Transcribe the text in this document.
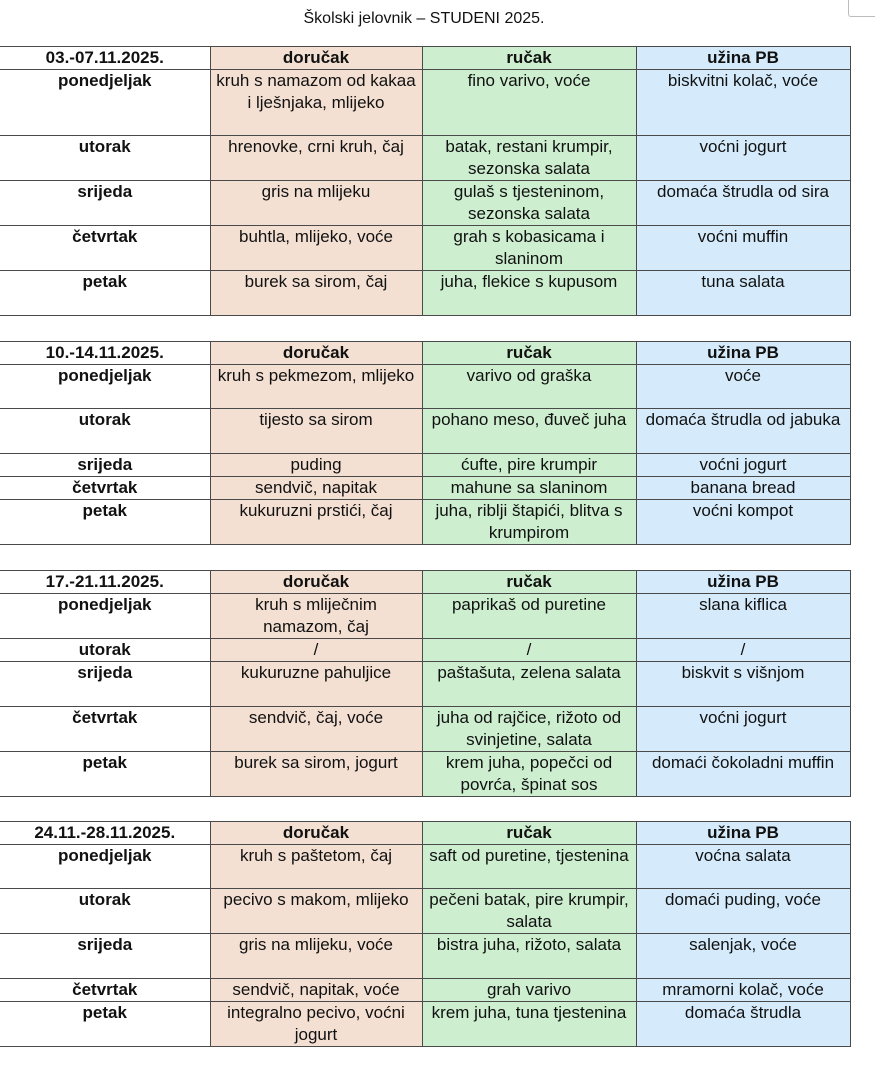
Školski jelovnik – STUDENI 2025.
03.-07.11.2025.	doručak	ručak	užina PB
ponedjeljak	kruh s namazom od kakaa i lješnjaka, mlijeko	fino varivo, voće	biskvitni kolač, voće
utorak	hrenovke, crni kruh, čaj	batak, restani krumpir, sezonska salata	voćni jogurt
srijeda	gris na mlijeku	gulaš s tjesteninom, sezonska salata	domaća štrudla od sira
četvrtak	buhtla, mlijeko, voće	grah s kobasicama i slaninom	voćni muffin
petak	burek sa sirom, čaj	juha, flekice s kupusom	tuna salata
10.-14.11.2025.	doručak	ručak	užina PB
ponedjeljak	kruh s pekmezom, mlijeko	varivo od graška	voće
utorak	tijesto sa sirom	pohano meso, đuveč juha	domaća štrudla od jabuka
srijeda	puding	ćufte, pire krumpir	voćni jogurt
četvrtak	sendvič, napitak	mahune sa slaninom	banana bread
petak	kukuruzni prstići, čaj	juha, riblji štapići, blitva s krumpirom	voćni kompot
17.-21.11.2025.	doručak	ručak	užina PB
ponedjeljak	kruh s mliječnim namazom, čaj	paprikaš od puretine	slana kiflica
utorak	/	/	/
srijeda	kukuruzne pahuljice	paštašuta, zelena salata	biskvit s višnjom
četvrtak	sendvič, čaj, voće	juha od rajčice, rižoto od svinjetine, salata	voćni jogurt
petak	burek sa sirom, jogurt	krem juha, popečci od povrća, špinat sos	domaći čokoladni muffin
24.11.-28.11.2025.	doručak	ručak	užina PB
ponedjeljak	kruh s paštetom, čaj	saft od puretine, tjestenina	voćna salata
utorak	pecivo s makom, mlijeko	pečeni batak, pire krumpir, salata	domaći puding, voće
srijeda	gris na mlijeku, voće	bistra juha, rižoto, salata	salenjak, voće
četvrtak	sendvič, napitak, voće	grah varivo	mramorni kolač, voće
petak	integralno pecivo, voćni jogurt	krem juha, tuna tjestenina	domaća štrudla
